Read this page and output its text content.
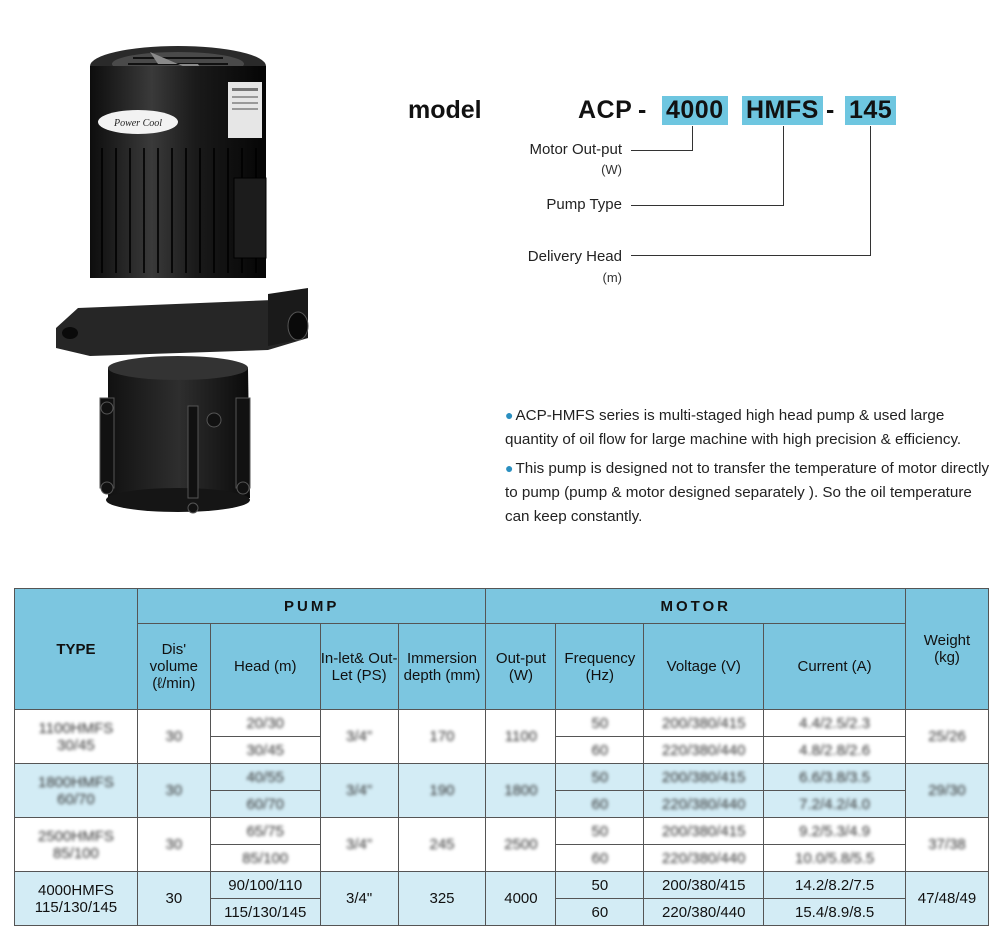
Power Cool	model	ACP - 4000 HMFS - 145
Motor Out-put
(W)
Pump Type
Delivery Head
(m)
● ACP-HMFS series is multi-staged high head pump & used large quantity of oil flow for large machine with high precision & efficiency.
● This pump is designed not to transfer the temperature of motor directly to pump (pump & motor designed separately ). So the oil temperature can keep constantly.
TYPE	PUMP				MOTOR				Weight
(kg)
	Dis' volume (ℓ/min)	Head (m)	In-let& Out-Let (PS)	Immersion depth (mm)	Out-put (W)	Frequency (Hz)	Voltage (V)	Current (A)	

1100HMFS
30/45	30	20/30	3/4"	170	1100	50	200/380/415	4.4/2.5/2.3	25/26
		30/45				60	220/380/440	4.8/2.8/2.6	

1800HMFS
60/70	30	40/55	3/4"	190	1800	50	200/380/415	6.6/3.8/3.5	29/30
		60/70				60	220/380/440	7.2/4.2/4.0	

2500HMFS
85/100	30	65/75	3/4"	245	2500	50	200/380/415	9.2/5.3/4.9	37/38
		85/100				60	220/380/440	10.0/5.8/5.5	

4000HMFS
115/130/145	30	90/100/110	3/4"	325	4000	50	200/380/415	14.2/8.2/7.5	47/48/49
		115/130/145				60	220/380/440	15.4/8.9/8.5	
